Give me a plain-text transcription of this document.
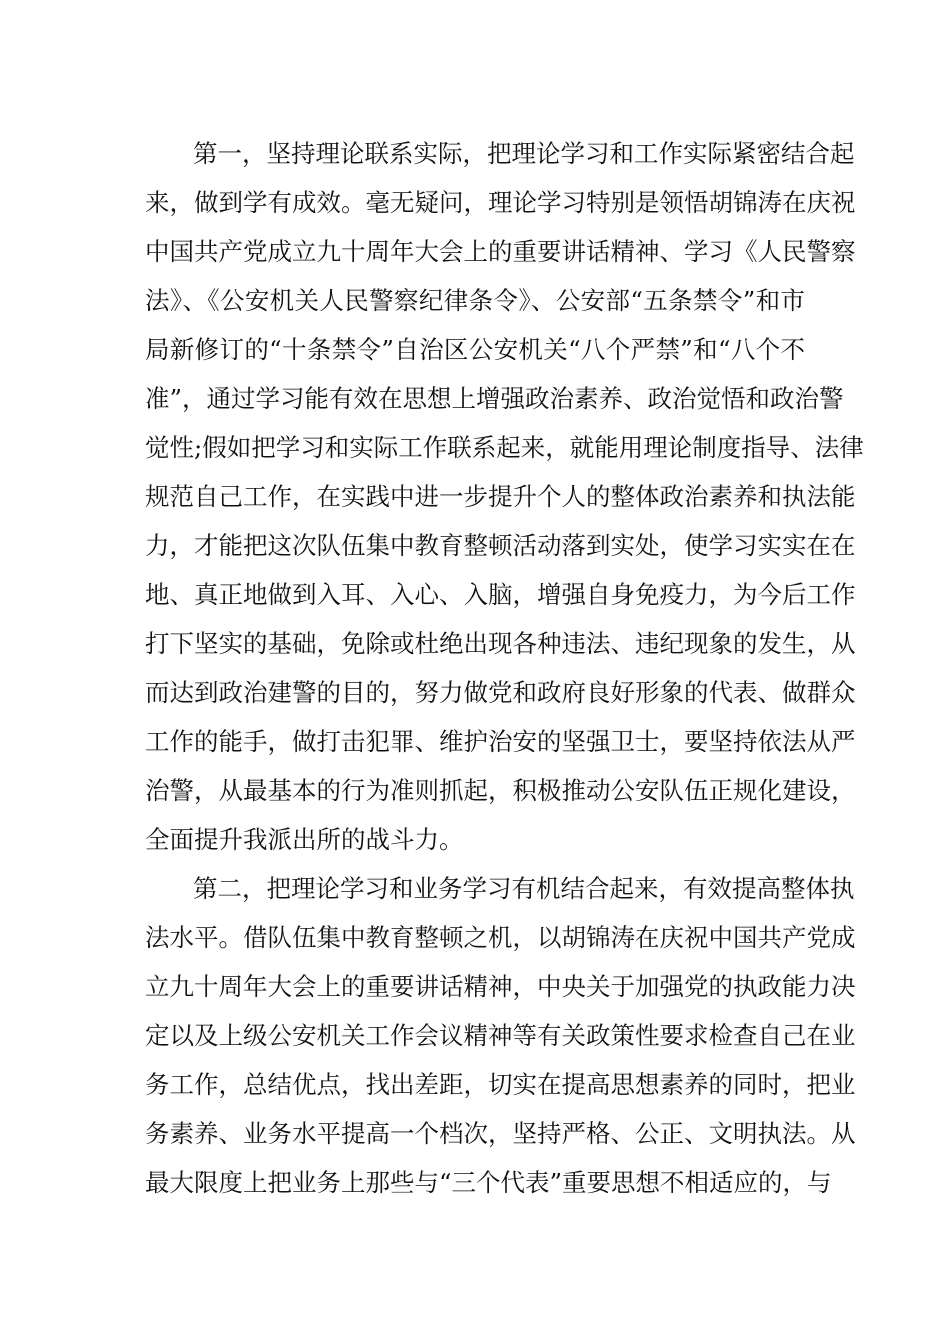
第一，坚持理论联系实际，把理论学习和工作实际紧密结合起
来，做到学有成效。毫无疑问，理论学习特别是领悟胡锦涛在庆祝
中国共产党成立九十周年大会上的重要讲话精神、学习《人民警察
法》、《公安机关人民警察纪律条令》、公安部“五条禁令”和市
局新修订的“十条禁令”自治区公安机关“八个严禁”和“八个不
准”，通过学习能有效在思想上增强政治素养、政治觉悟和政治警
觉性;假如把学习和实际工作联系起来，就能用理论制度指导、法律
规范自己工作，在实践中进一步提升个人的整体政治素养和执法能
力，才能把这次队伍集中教育整顿活动落到实处，使学习实实在在
地、真正地做到入耳、入心、入脑，增强自身免疫力，为今后工作
打下坚实的基础，免除或杜绝出现各种违法、违纪现象的发生，从
而达到政治建警的目的，努力做党和政府良好形象的代表、做群众
工作的能手，做打击犯罪、维护治安的坚强卫士，要坚持依法从严
治警，从最基本的行为准则抓起，积极推动公安队伍正规化建设，
全面提升我派出所的战斗力。
第二，把理论学习和业务学习有机结合起来，有效提高整体执
法水平。借队伍集中教育整顿之机，以胡锦涛在庆祝中国共产党成
立九十周年大会上的重要讲话精神，中央关于加强党的执政能力决
定以及上级公安机关工作会议精神等有关政策性要求检查自己在业
务工作，总结优点，找出差距，切实在提高思想素养的同时，把业
务素养、业务水平提高一个档次，坚持严格、公正、文明执法。从
最大限度上把业务上那些与“三个代表”重要思想不相适应的，与
